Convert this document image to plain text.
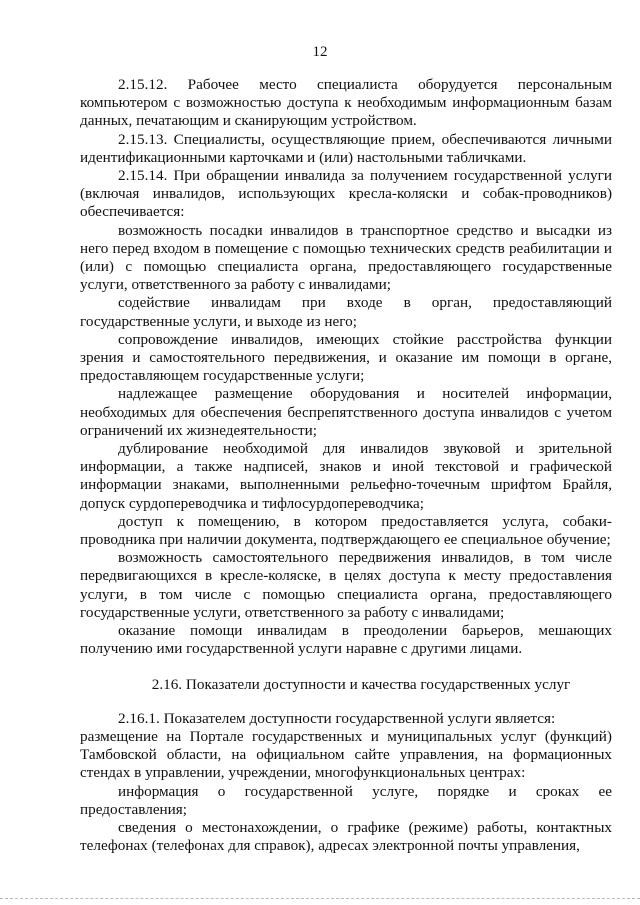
12

2.15.12. Рабочее место специалиста оборудуется персональным компьютером с возможностью доступа к необходимым информационным базам данных, печатающим и сканирующим устройством.

2.15.13. Специалисты, осуществляющие прием, обеспечиваются личными идентификационными карточками и (или) настольными табличками.

2.15.14. При обращении инвалида за получением государственной услуги (включая инвалидов, использующих кресла-коляски и собак-проводников) обеспечивается:

возможность посадки инвалидов в транспортное средство и высадки из него перед входом в помещение с помощью технических средств реабилитации и (или) с помощью специалиста органа, предоставляющего государственные услуги, ответственного за работу с инвалидами;

содействие инвалидам при входе в орган, предоставляющий государственные услуги, и выходе из него;

сопровождение инвалидов, имеющих стойкие расстройства функции зрения и самостоятельного передвижения, и оказание им помощи в органе, предоставляющем государственные услуги;

надлежащее размещение оборудования и носителей информации, необходимых для обеспечения беспрепятственного доступа инвалидов с учетом ограничений их жизнедеятельности;

дублирование необходимой для инвалидов звуковой и зрительной информации, а также надписей, знаков и иной текстовой и графической информации знаками, выполненными рельефно-точечным шрифтом Брайля, допуск сурдопереводчика и тифлосурдопереводчика;

доступ к помещению, в котором предоставляется услуга, собаки-проводника при наличии документа, подтверждающего ее специальное обучение;

возможность самостоятельного передвижения инвалидов, в том числе передвигающихся в кресле-коляске, в целях доступа к месту предоставления услуги, в том числе с помощью специалиста органа, предоставляющего государственные услуги, ответственного за работу с инвалидами;

оказание помощи инвалидам в преодолении барьеров, мешающих получению ими государственной услуги наравне с другими лицами.

2.16. Показатели доступности и качества государственных услуг

2.16.1. Показателем доступности государственной услуги является:

размещение на Портале государственных и муниципальных услуг (функций) Тамбовской области, на официальном сайте управления, на формационных стендах в управлении, учреждении, многофункциональных центрах:

информация о государственной услуге, порядке и сроках ее предоставления;

сведения о местонахождении, о графике (режиме) работы, контактных телефонах (телефонах для справок), адресах электронной почты управления,
